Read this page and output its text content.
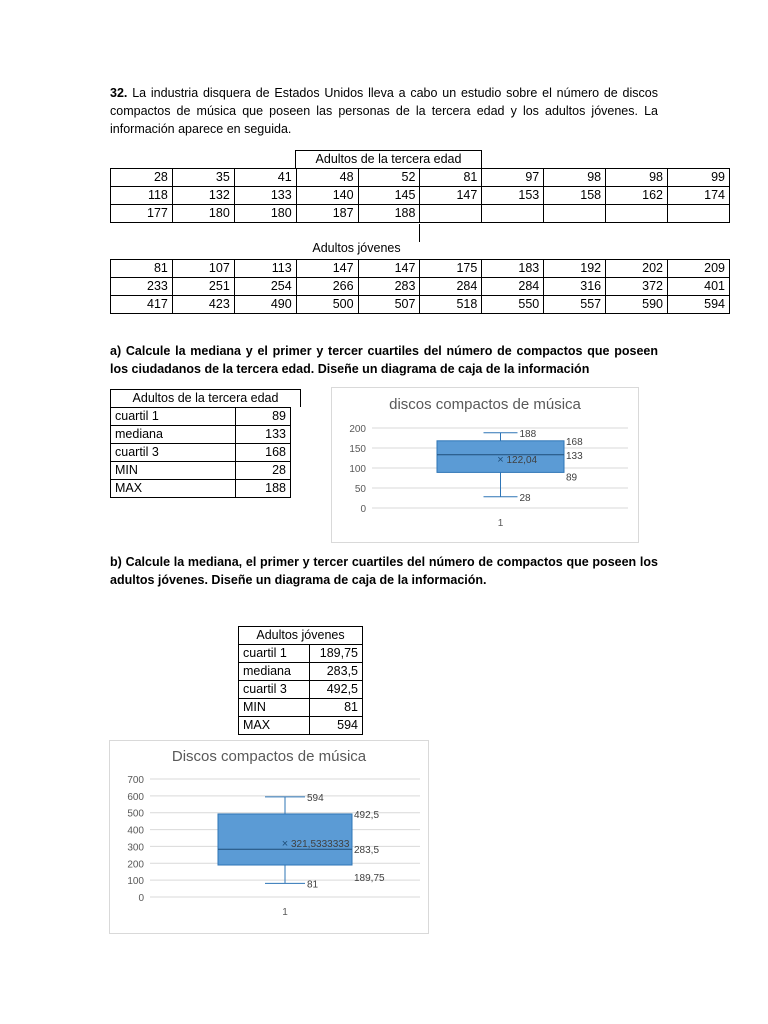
32. La industria disquera de Estados Unidos lleva a cabo un estudio sobre el número de discos compactos de música que poseen las personas de la tercera edad y los adultos jóvenes. La información aparece en seguida.
Adultos de la tercera edad
28	35	41	48	52	81	97	98	98	99
118	132	133	140	145	147	153	158	162	174
177	180	180	187	188					
Adultos jóvenes
81	107	113	147	147	175	183	192	202	209
233	251	254	266	283	284	284	316	372	401
417	423	490	500	507	518	550	557	590	594
a) Calcule la mediana y el primer y tercer cuartiles del número de compactos que poseen los ciudadanos de la tercera edad. Diseñe un diagrama de caja de la información
Adultos de la tercera edad
cuartil 1	89
mediana	133
cuartil 3	168
MIN	28
MAX	188
discos compactos de música
200
150
100
50
0
× 122,04
188
168
133
89
28
1
b) Calcule la mediana, el primer y tercer cuartiles del número de compactos que poseen los adultos jóvenes. Diseñe un diagrama de caja de la información.
Adultos jóvenes
cuartil 1	189,75
mediana	283,5
cuartil 3	492,5
MIN	81
MAX	594
Discos compactos de música
700
600
500
400
300
200
100
0
× 321,5333333
594
492,5
283,5
189,75
81
1
